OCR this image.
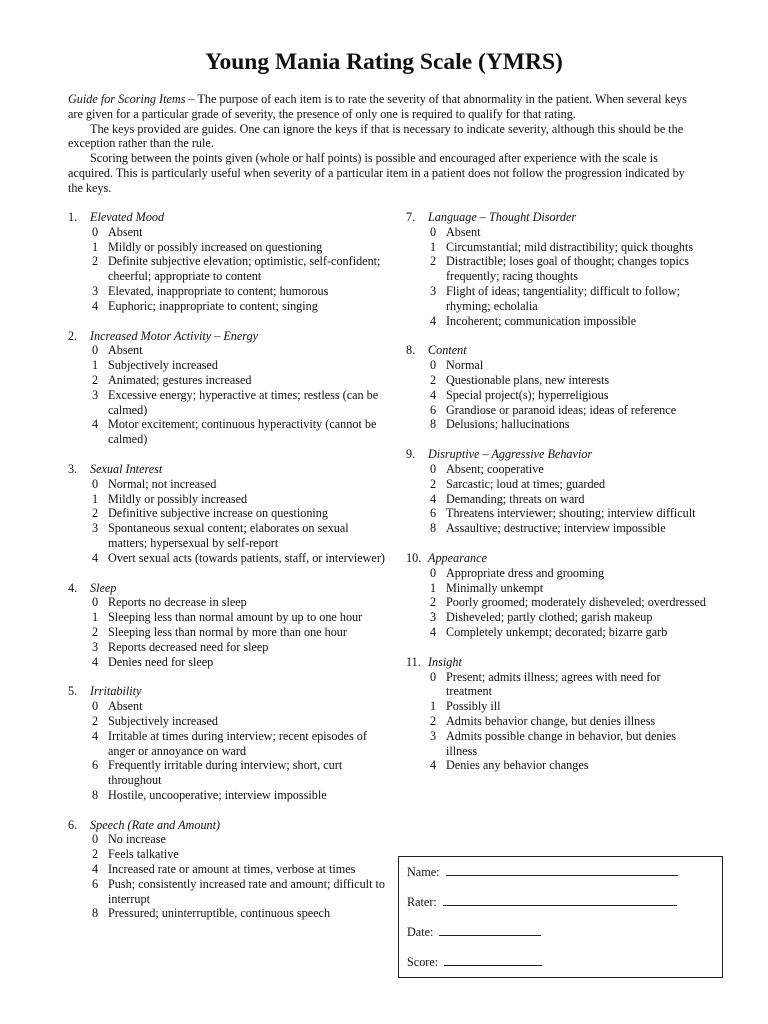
Young Mania Rating Scale (YMRS)

Guide for Scoring Items – The purpose of each item is to rate the severity of that abnormality in the patient. When several keys are given for a particular grade of severity, the presence of only one is required to qualify for that rating.

The keys provided are guides. One can ignore the keys if that is necessary to indicate severity, although this should be the exception rather than the rule.

Scoring between the points given (whole or half points) is possible and encouraged after experience with the scale is acquired. This is particularly useful when severity of a particular item in a patient does not follow the progression indicated by the keys.

1.	Elevated Mood
0 Absent
1 Mildly or possibly increased on questioning
2 Definite subjective elevation; optimistic, self-confident; cheerful; appropriate to content
3 Elevated, inappropriate to content; humorous
4 Euphoric; inappropriate to content; singing
2.	Increased Motor Activity – Energy
0 Absent
1 Subjectively increased
2 Animated; gestures increased
3 Excessive energy; hyperactive at times; restless (can be calmed)
4 Motor excitement; continuous hyperactivity (cannot be calmed)
3.	Sexual Interest
0 Normal; not increased
1 Mildly or possibly increased
2 Definitive subjective increase on questioning
3 Spontaneous sexual content; elaborates on sexual matters; hypersexual by self-report
4 Overt sexual acts (towards patients, staff, or interviewer)
4.	Sleep
0 Reports no decrease in sleep
1 Sleeping less than normal amount by up to one hour
2 Sleeping less than normal by more than one hour
3 Reports decreased need for sleep
4 Denies need for sleep
5.	Irritability
0 Absent
2 Subjectively increased
4 Irritable at times during interview; recent episodes of anger or annoyance on ward
6 Frequently irritable during interview; short, curt throughout
8 Hostile, uncooperative; interview impossible
6.	Speech (Rate and Amount)
0 No increase
2 Feels talkative
4 Increased rate or amount at times, verbose at times
6 Push; consistently increased rate and amount; difficult to interrupt
8 Pressured; uninterruptible, continuous speech
7.	Language – Thought Disorder
0 Absent
1 Circumstantial; mild distractibility; quick thoughts
2 Distractible; loses goal of thought; changes topics frequently; racing thoughts
3 Flight of ideas; tangentiality; difficult to follow; rhyming; echolalia
4 Incoherent; communication impossible
8.	Content
0 Normal
2 Questionable plans, new interests
4 Special project(s); hyperreligious
6 Grandiose or paranoid ideas; ideas of reference
8 Delusions; hallucinations
9.	Disruptive – Aggressive Behavior
0 Absent; cooperative
2 Sarcastic; loud at times; guarded
4 Demanding; threats on ward
6 Threatens interviewer; shouting; interview difficult
8 Assaultive; destructive; interview impossible
10. Appearance
0 Appropriate dress and grooming
1 Minimally unkempt
2 Poorly groomed; moderately disheveled; overdressed
3 Disheveled; partly clothed; garish makeup
4 Completely unkempt; decorated; bizarre garb
11. Insight
0 Present; admits illness; agrees with need for treatment
1 Possibly ill
2 Admits behavior change, but denies illness
3 Admits possible change in behavior, but denies illness
4 Denies any behavior changes
Name:
Rater:
Date:
Score:
